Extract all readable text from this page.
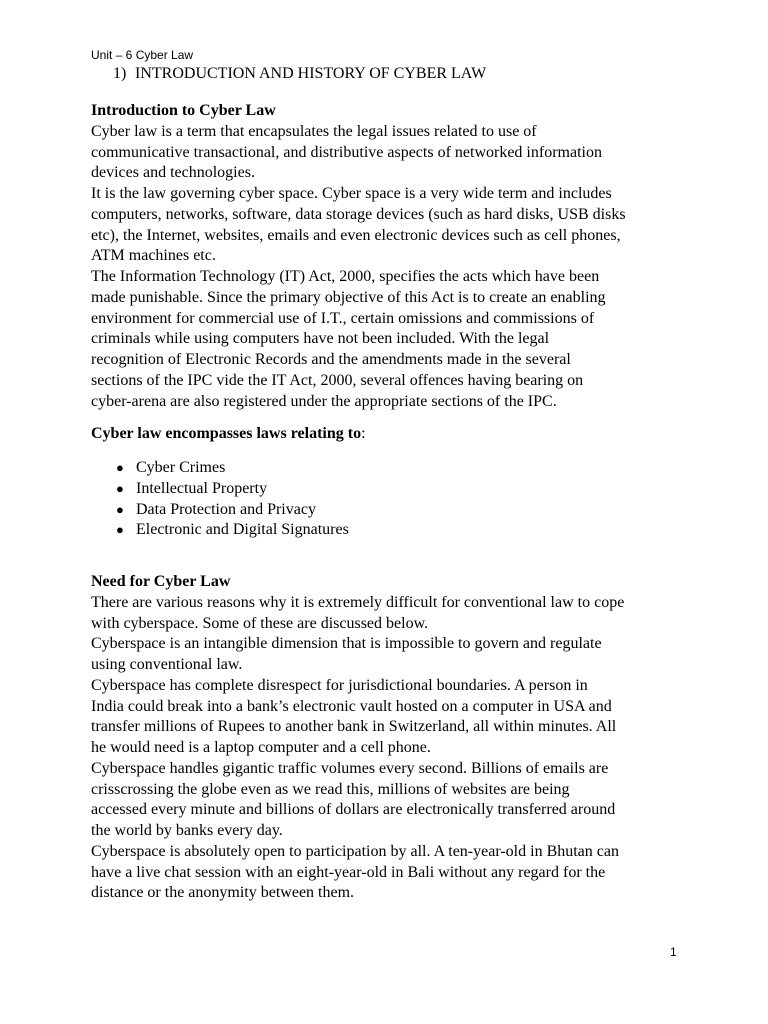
Unit – 6 Cyber Law
1) INTRODUCTION AND HISTORY OF CYBER LAW
Introduction to Cyber Law
Cyber law is a term that encapsulates the legal issues related to use of
communicative transactional, and distributive aspects of networked information
devices and technologies.
It is the law governing cyber space. Cyber space is a very wide term and includes
computers, networks, software, data storage devices (such as hard disks, USB disks
etc), the Internet, websites, emails and even electronic devices such as cell phones,
ATM machines etc.
The Information Technology (IT) Act, 2000, specifies the acts which have been
made punishable. Since the primary objective of this Act is to create an enabling
environment for commercial use of I.T., certain omissions and commissions of
criminals while using computers have not been included. With the legal
recognition of Electronic Records and the amendments made in the several
sections of the IPC vide the IT Act, 2000, several offences having bearing on
cyber-arena are also registered under the appropriate sections of the IPC.
Cyber law encompasses laws relating to:
● Cyber Crimes
● Intellectual Property
● Data Protection and Privacy
● Electronic and Digital Signatures
Need for Cyber Law
There are various reasons why it is extremely difficult for conventional law to cope
with cyberspace. Some of these are discussed below.
Cyberspace is an intangible dimension that is impossible to govern and regulate
using conventional law.
Cyberspace has complete disrespect for jurisdictional boundaries. A person in
India could break into a bank’s electronic vault hosted on a computer in USA and
transfer millions of Rupees to another bank in Switzerland, all within minutes. All
he would need is a laptop computer and a cell phone.
Cyberspace handles gigantic traffic volumes every second. Billions of emails are
crisscrossing the globe even as we read this, millions of websites are being
accessed every minute and billions of dollars are electronically transferred around
the world by banks every day.
Cyberspace is absolutely open to participation by all. A ten-year-old in Bhutan can
have a live chat session with an eight-year-old in Bali without any regard for the
distance or the anonymity between them.
1
